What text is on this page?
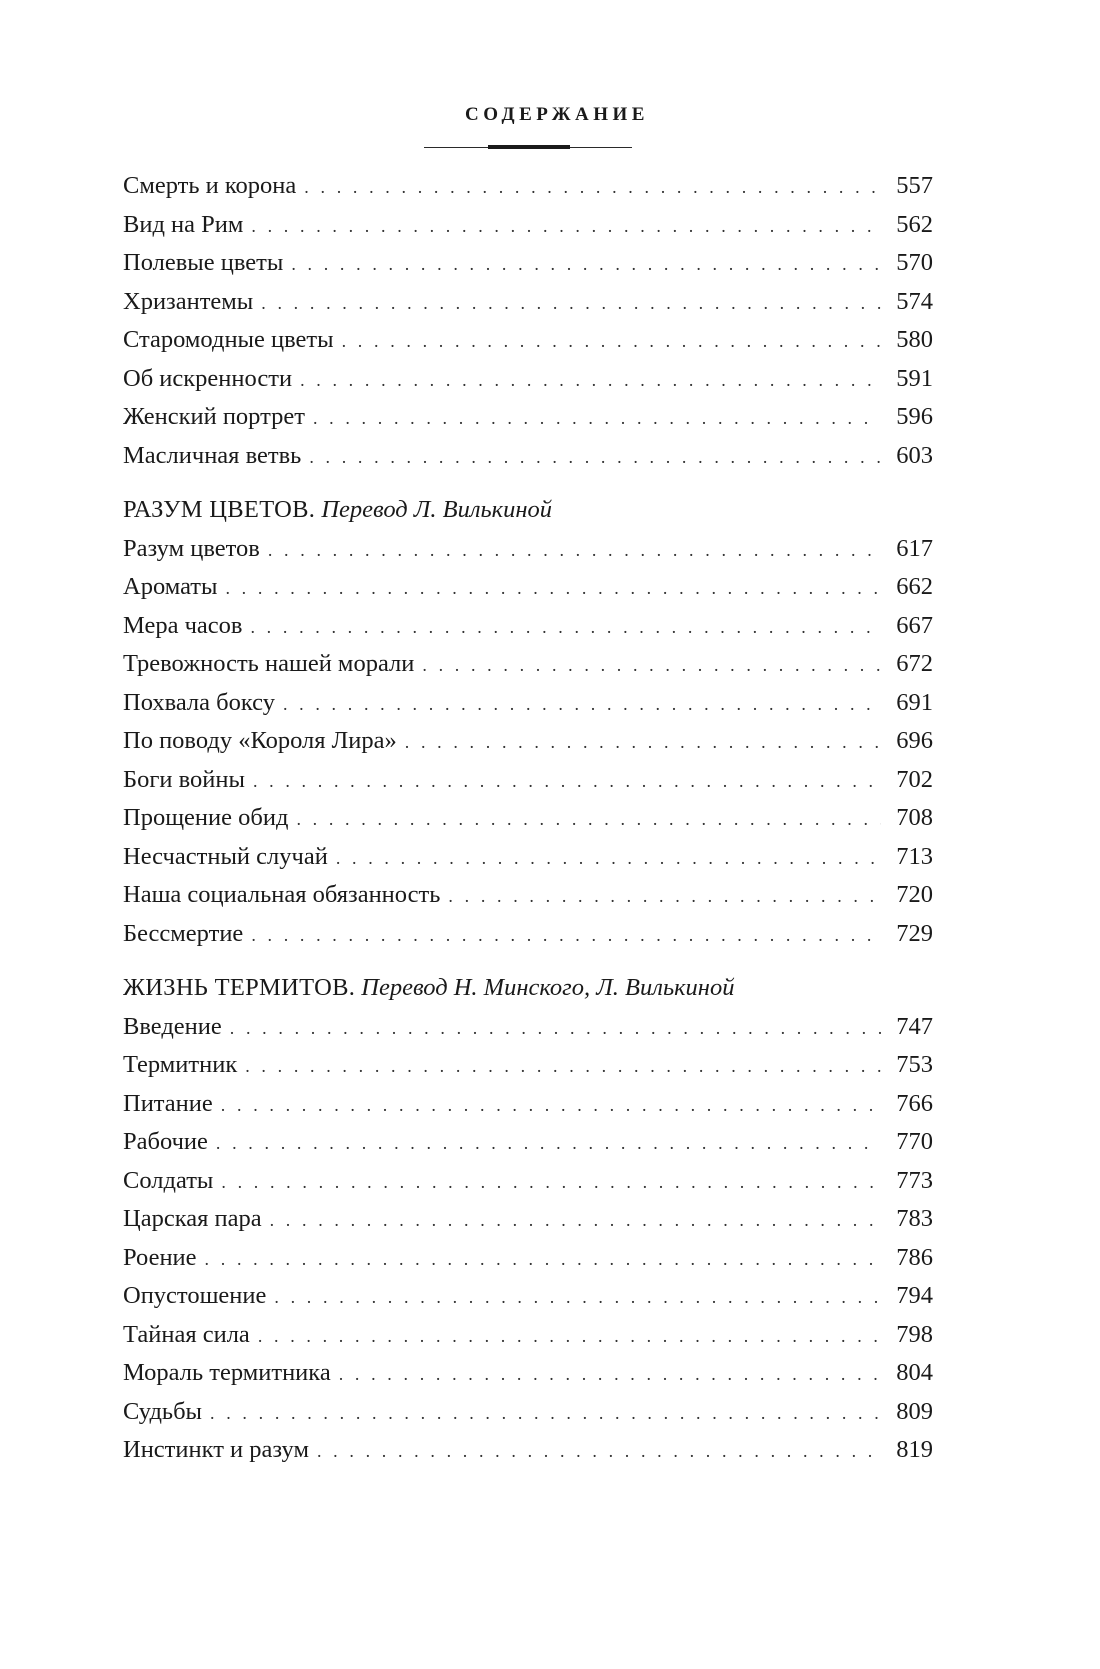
СОДЕРЖАНИЕ
Смерть и корона . . .	557
Вид на Рим . . .	562
Полевые цветы . . .	570
Хризантемы . . .	574
Старомодные цветы . . .	580
Об искренности . . .	591
Женский портрет . . .	596
Масличная ветвь . . .	603
РАЗУМ ЦВЕТОВ. Перевод Л. Вилькиной
Разум цветов . . .	617
Ароматы . . .	662
Мера часов . . .	667
Тревожность нашей морали . . .	672
Похвала боксу . . .	691
По поводу «Короля Лира» . . .	696
Боги войны . . .	702
Прощение обид . . .	708
Несчастный случай . . .	713
Наша социальная обязанность . . .	720
Бессмертие . . .	729
ЖИЗНЬ ТЕРМИТОВ. Перевод Н. Минского, Л. Вилькиной
Введение . . .	747
Термитник . . .	753
Питание . . .	766
Рабочие . . .	770
Солдаты . . .	773
Царская пара . . .	783
Роение . . .	786
Опустошение . . .	794
Тайная сила . . .	798
Мораль термитника . . .	804
Судьбы . . .	809
Инстинкт и разум . . .	819
